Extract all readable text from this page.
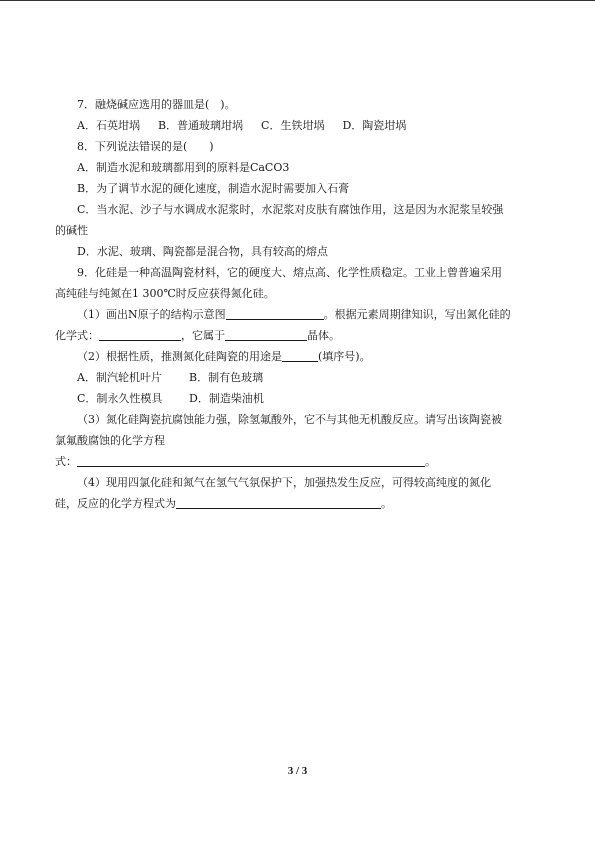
7．融烧碱应选用的器皿是(　)。
A．石英坩埚 B．普通玻璃坩埚 C．生铁坩埚 D．陶瓷坩埚
8．下列说法错误的是(　　)
A．制造水泥和玻璃都用到的原料是CaCO3
B．为了调节水泥的硬化速度，制造水泥时需要加入石膏
C．当水泥、沙子与水调成水泥浆时，水泥浆对皮肤有腐蚀作用，这是因为水泥浆呈较强
的碱性
D．水泥、玻璃、陶瓷都是混合物，具有较高的熔点
9．化硅是一种高温陶瓷材料，它的硬度大、熔点高、化学性质稳定。工业上曾普遍采用
高纯硅与纯氮在1 300℃时反应获得氮化硅。
（1）画出N原子的结构示意图	。根据元素周期律知识，写出氮化硅的
化学式：	，它属于	晶体。
（2）根据性质，推测氮化硅陶瓷的用途是	(填序号)。
A．制汽轮机叶片 B．制有色玻璃
C．制永久性模具 D．制造柴油机
（3）氮化硅陶瓷抗腐蚀能力强，除氢氟酸外，它不与其他无机酸反应。请写出该陶瓷被
氯氟酸腐蚀的化学方程
式：	。
（4）现用四氯化硅和氮气在氢气气氛保护下，加强热发生反应，可得较高纯度的氮化
硅，反应的化学方程式为	。
3 / 3
